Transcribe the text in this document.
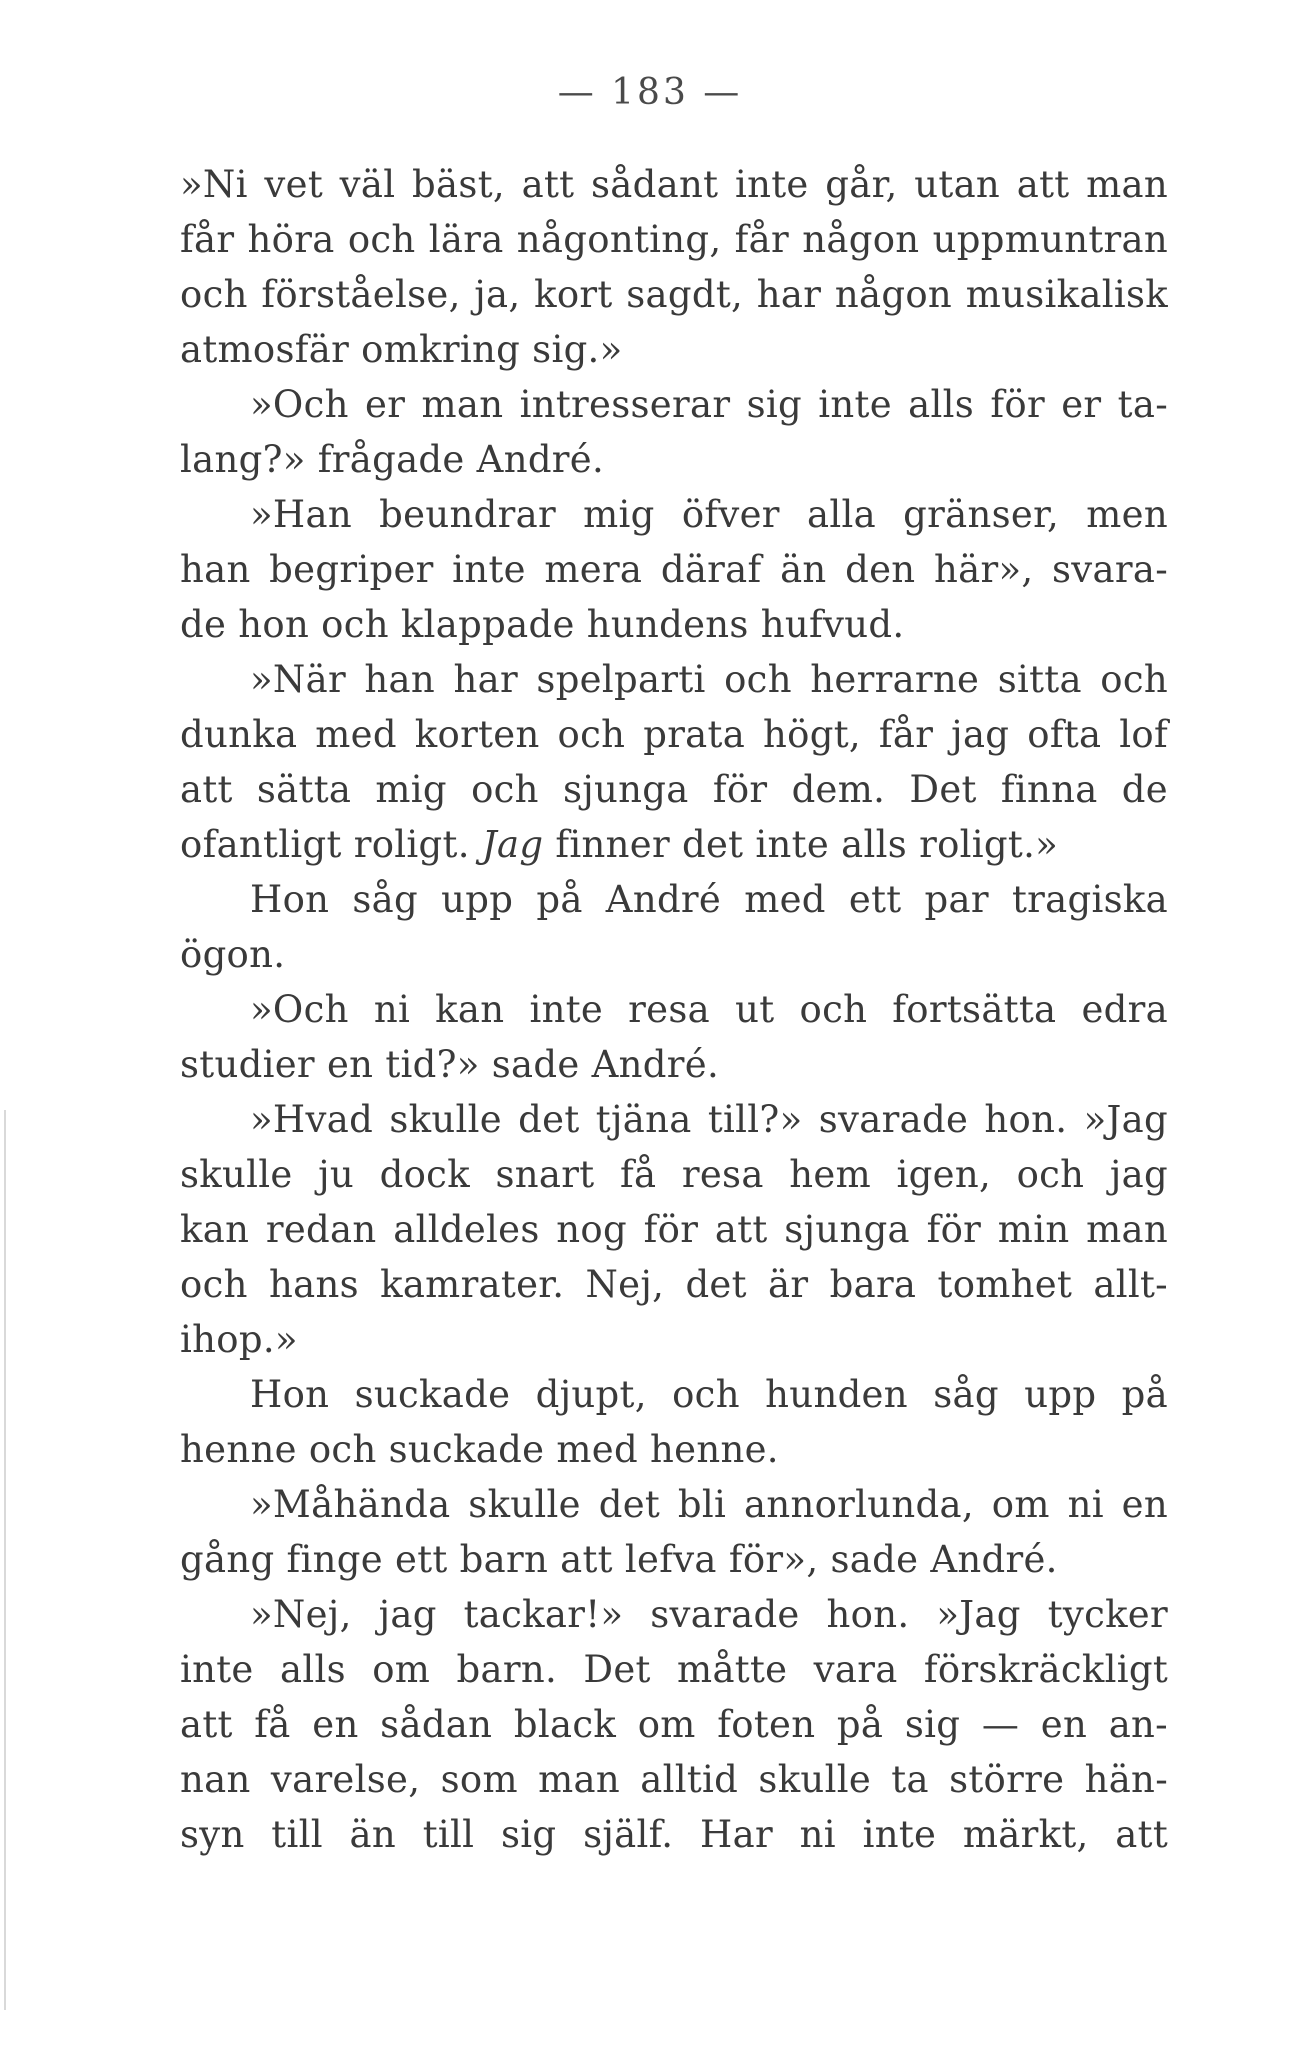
— 183 —
»Ni vet väl bäst, att sådant inte går, utan att man
får höra och lära någonting, får någon uppmuntran
och förståelse, ja, kort sagdt, har någon musikalisk
atmosfär omkring sig.»
»Och er man intresserar sig inte alls för er ta-
lang?» frågade André.
»Han beundrar mig öfver alla gränser, men
han begriper inte mera däraf än den här», svara-
de hon och klappade hundens hufvud.
»När han har spelparti och herrarne sitta och
dunka med korten och prata högt, får jag ofta lof
att sätta mig och sjunga för dem. Det finna de
ofantligt roligt. Jag finner det inte alls roligt.»
Hon såg upp på André med ett par tragiska
ögon.
»Och ni kan inte resa ut och fortsätta edra
studier en tid?» sade André.
»Hvad skulle det tjäna till?» svarade hon. »Jag
skulle ju dock snart få resa hem igen, och jag
kan redan alldeles nog för att sjunga för min man
och hans kamrater. Nej, det är bara tomhet allt-
ihop.»
Hon suckade djupt, och hunden såg upp på
henne och suckade med henne.
»Måhända skulle det bli annorlunda, om ni en
gång finge ett barn att lefva för», sade André.
»Nej, jag tackar!» svarade hon. »Jag tycker
inte alls om barn. Det måtte vara förskräckligt
att få en sådan black om foten på sig — en an-
nan varelse, som man alltid skulle ta större hän-
syn till än till sig själf. Har ni inte märkt, att
